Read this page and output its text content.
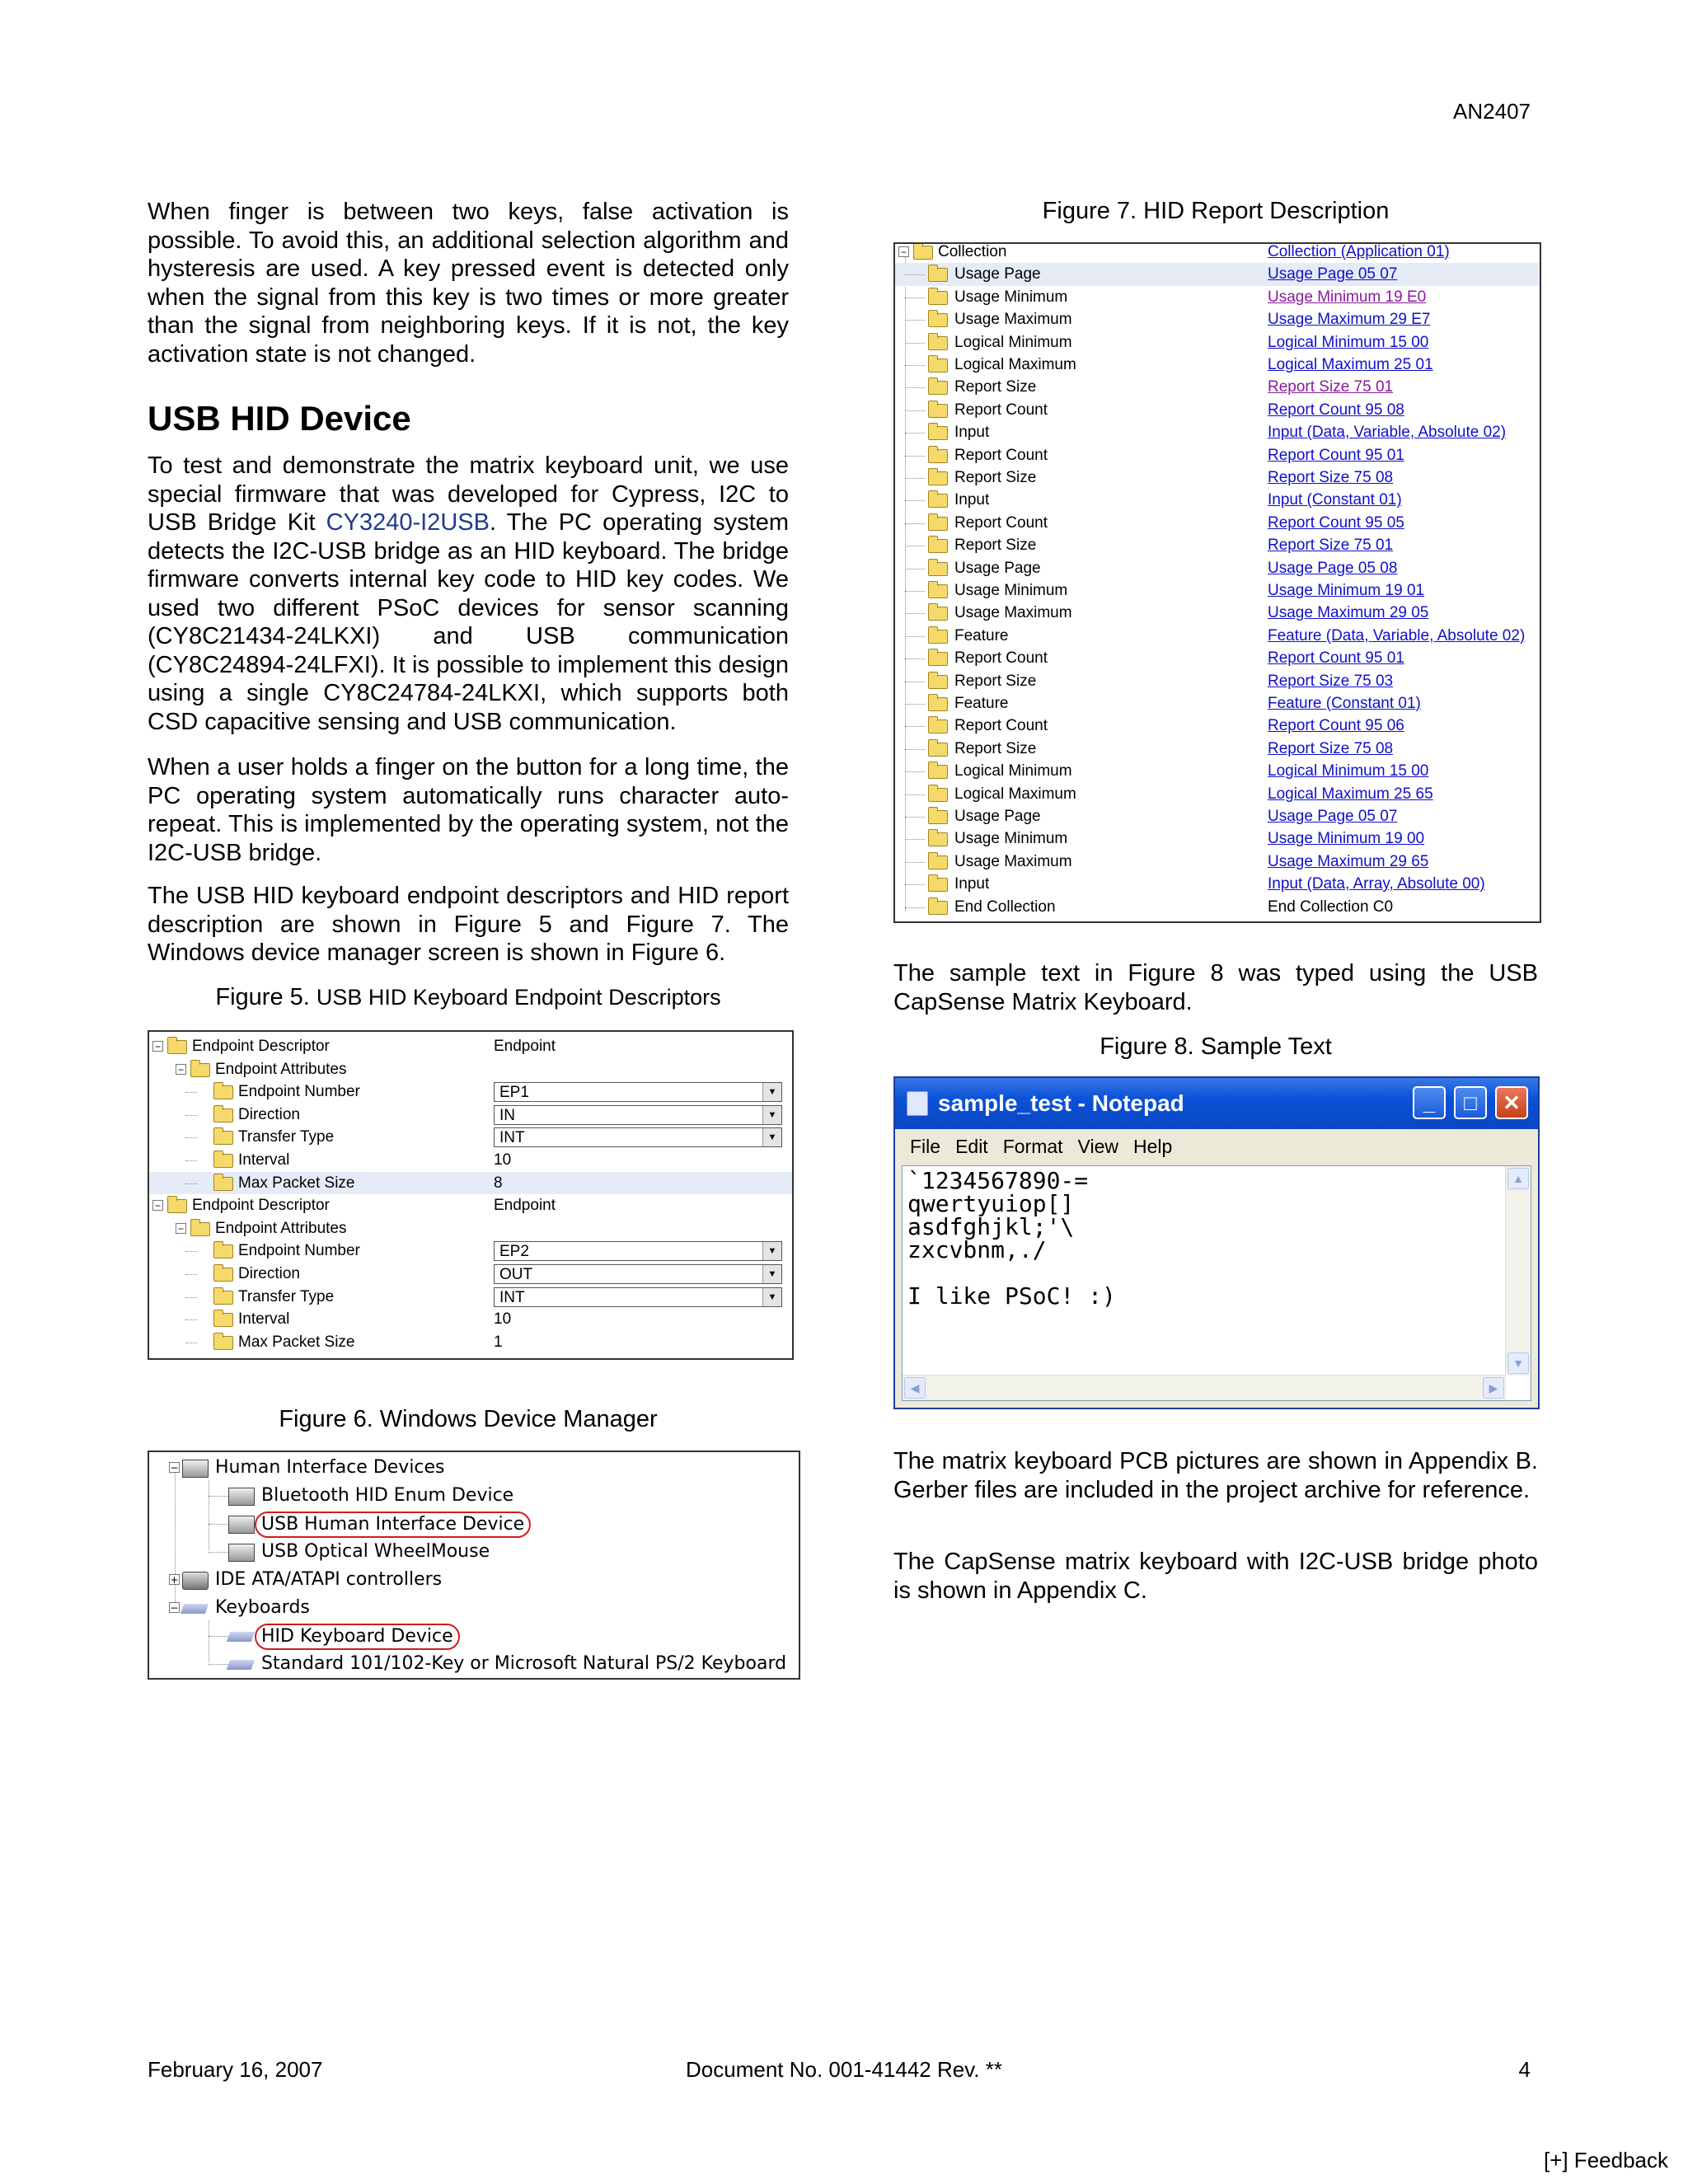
AN2407

When finger is between two keys, false activation is possible. To avoid this, an additional selection algorithm and hysteresis are used. A key pressed event is detected only when the signal from this key is two times or more greater than the signal from neighboring keys. If it is not, the key activation state is not changed.

USB HID Device

To test and demonstrate the matrix keyboard unit, we use special firmware that was developed for Cypress, I2C to USB Bridge Kit CY3240-I2USB. The PC operating system detects the I2C-USB bridge as an HID keyboard. The bridge firmware converts internal key code to HID key codes. We used two different PSoC devices for sensor scanning (CY8C21434-24LKXI) and USB communication (CY8C24894-24LFXI). It is possible to implement this design using a single CY8C24784-24LKXI, which supports both CSD capacitive sensing and USB communication.

When a user holds a finger on the button for a long time, the PC operating system automatically runs character auto-repeat. This is implemented by the operating system, not the I2C-USB bridge.

The USB HID keyboard endpoint descriptors and HID report description are shown in Figure 5 and Figure 7. The Windows device manager screen is shown in Figure 6.

Figure 5. USB HID Keyboard Endpoint Descriptors
− Endpoint Descriptor	Endpoint
− Endpoint Attributes
Endpoint Number	EP1	▼
Direction	IN	▼
Transfer Type	INT	▼
Interval	10
Max Packet Size	8
− Endpoint Descriptor	Endpoint
− Endpoint Attributes
Endpoint Number	EP2	▼
Direction	OUT	▼
Transfer Type	INT	▼
Interval	10
Max Packet Size	1
Figure 6. Windows Device Manager
− Human Interface Devices
Bluetooth HID Enum Device
USB Human Interface Device
USB Optical WheelMouse
+ IDE ATA/ATAPI controllers
− Keyboards
HID Keyboard Device
Standard 101/102-Key or Microsoft Natural PS/2 Keyboard
Figure 7. HID Report Description
− Collection	Collection (Application 01)
Usage Page	Usage Page 05 07
Usage Minimum	Usage Minimum 19 E0
Usage Maximum	Usage Maximum 29 E7
Logical Minimum	Logical Minimum 15 00
Logical Maximum	Logical Maximum 25 01
Report Size	Report Size 75 01
Report Count	Report Count 95 08
Input	Input (Data, Variable, Absolute 02)
Report Count	Report Count 95 01
Report Size	Report Size 75 08
Input	Input (Constant 01)
Report Count	Report Count 95 05
Report Size	Report Size 75 01
Usage Page	Usage Page 05 08
Usage Minimum	Usage Minimum 19 01
Usage Maximum	Usage Maximum 29 05
Feature	Feature (Data, Variable, Absolute 02)
Report Count	Report Count 95 01
Report Size	Report Size 75 03
Feature	Feature (Constant 01)
Report Count	Report Count 95 06
Report Size	Report Size 75 08
Logical Minimum	Logical Minimum 15 00
Logical Maximum	Logical Maximum 25 65
Usage Page	Usage Page 05 07
Usage Minimum	Usage Minimum 19 00
Usage Maximum	Usage Maximum 29 65
Input	Input (Data, Array, Absolute 00)
End Collection	End Collection C0

The sample text in Figure 8 was typed using the USB CapSense Matrix Keyboard.

Figure 8. Sample Text
sample_test - Notepad	_	□	✕
File Edit Format View Help
`1234567890-=
qwertyuiop[]
asdfghjkl;'\
zxcvbnm,./

I like PSoC! :)
▲
▼
◀	▶

The matrix keyboard PCB pictures are shown in Appendix B. Gerber files are included in the project archive for reference.

The CapSense matrix keyboard with I2C-USB bridge photo is shown in Appendix C.

February 16, 2007	Document No. 001-41442 Rev. **	4
[+] Feedback
